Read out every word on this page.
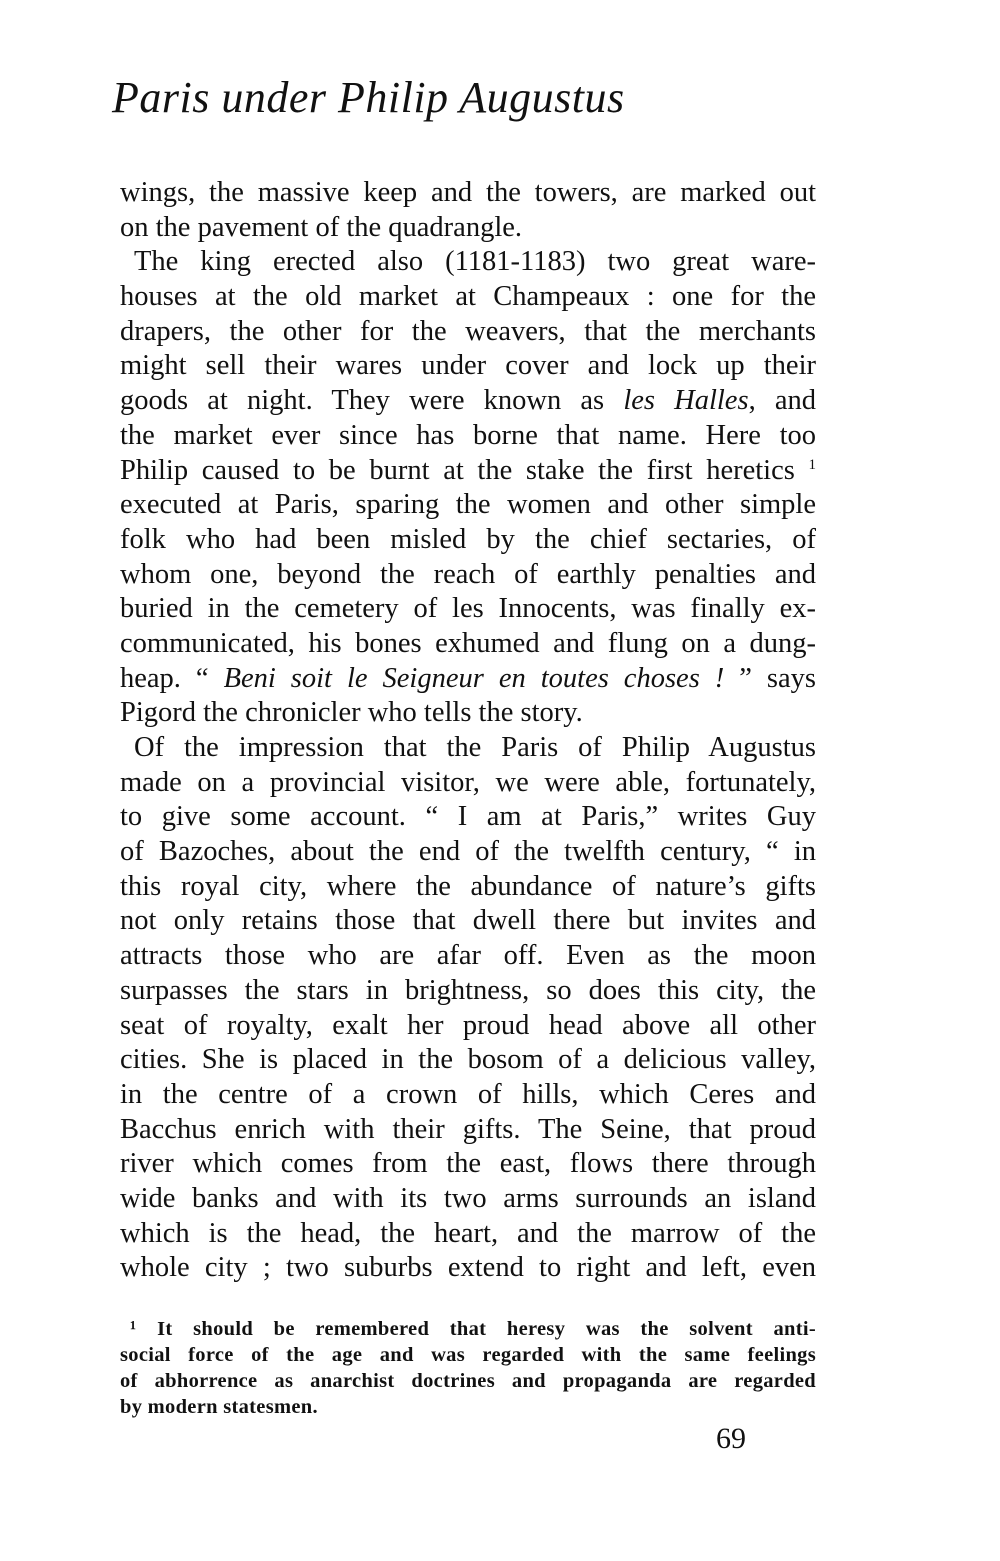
Paris under Philip Augustus
wings, the massive keep and the towers, are marked out
on the pavement of the quadrangle.
The king erected also (1181-1183) two great ware-
houses at the old market at Champeaux : one for the
drapers, the other for the weavers, that the merchants
might sell their wares under cover and lock up their
goods at night. They were known as les Halles, and
the market ever since has borne that name. Here too
Philip caused to be burnt at the stake the first heretics $^1$
executed at Paris, sparing the women and other simple
folk who had been misled by the chief sectaries, of
whom one, beyond the reach of earthly penalties and
buried in the cemetery of les Innocents, was finally ex-
communicated, his bones exhumed and flung on a dung-
heap. “ Beni soit le Seigneur en toutes choses ! ” says
Pigord the chronicler who tells the story.
Of the impression that the Paris of Philip Augustus
made on a provincial visitor, we were able, fortunately,
to give some account. “ I am at Paris,” writes Guy
of Bazoches, about the end of the twelfth century, “ in
this royal city, where the abundance of nature’s gifts
not only retains those that dwell there but invites and
attracts those who are afar off. Even as the moon
surpasses the stars in brightness, so does this city, the
seat of royalty, exalt her proud head above all other
cities. She is placed in the bosom of a delicious valley,
in the centre of a crown of hills, which Ceres and
Bacchus enrich with their gifts. The Seine, that proud
river which comes from the east, flows there through
wide banks and with its two arms surrounds an island
which is the head, the heart, and the marrow of the
whole city ; two suburbs extend to right and left, even
¹ It should be remembered that heresy was the solvent anti-
social force of the age and was regarded with the same feelings
of abhorrence as anarchist doctrines and propaganda are regarded
by modern statesmen.
69
